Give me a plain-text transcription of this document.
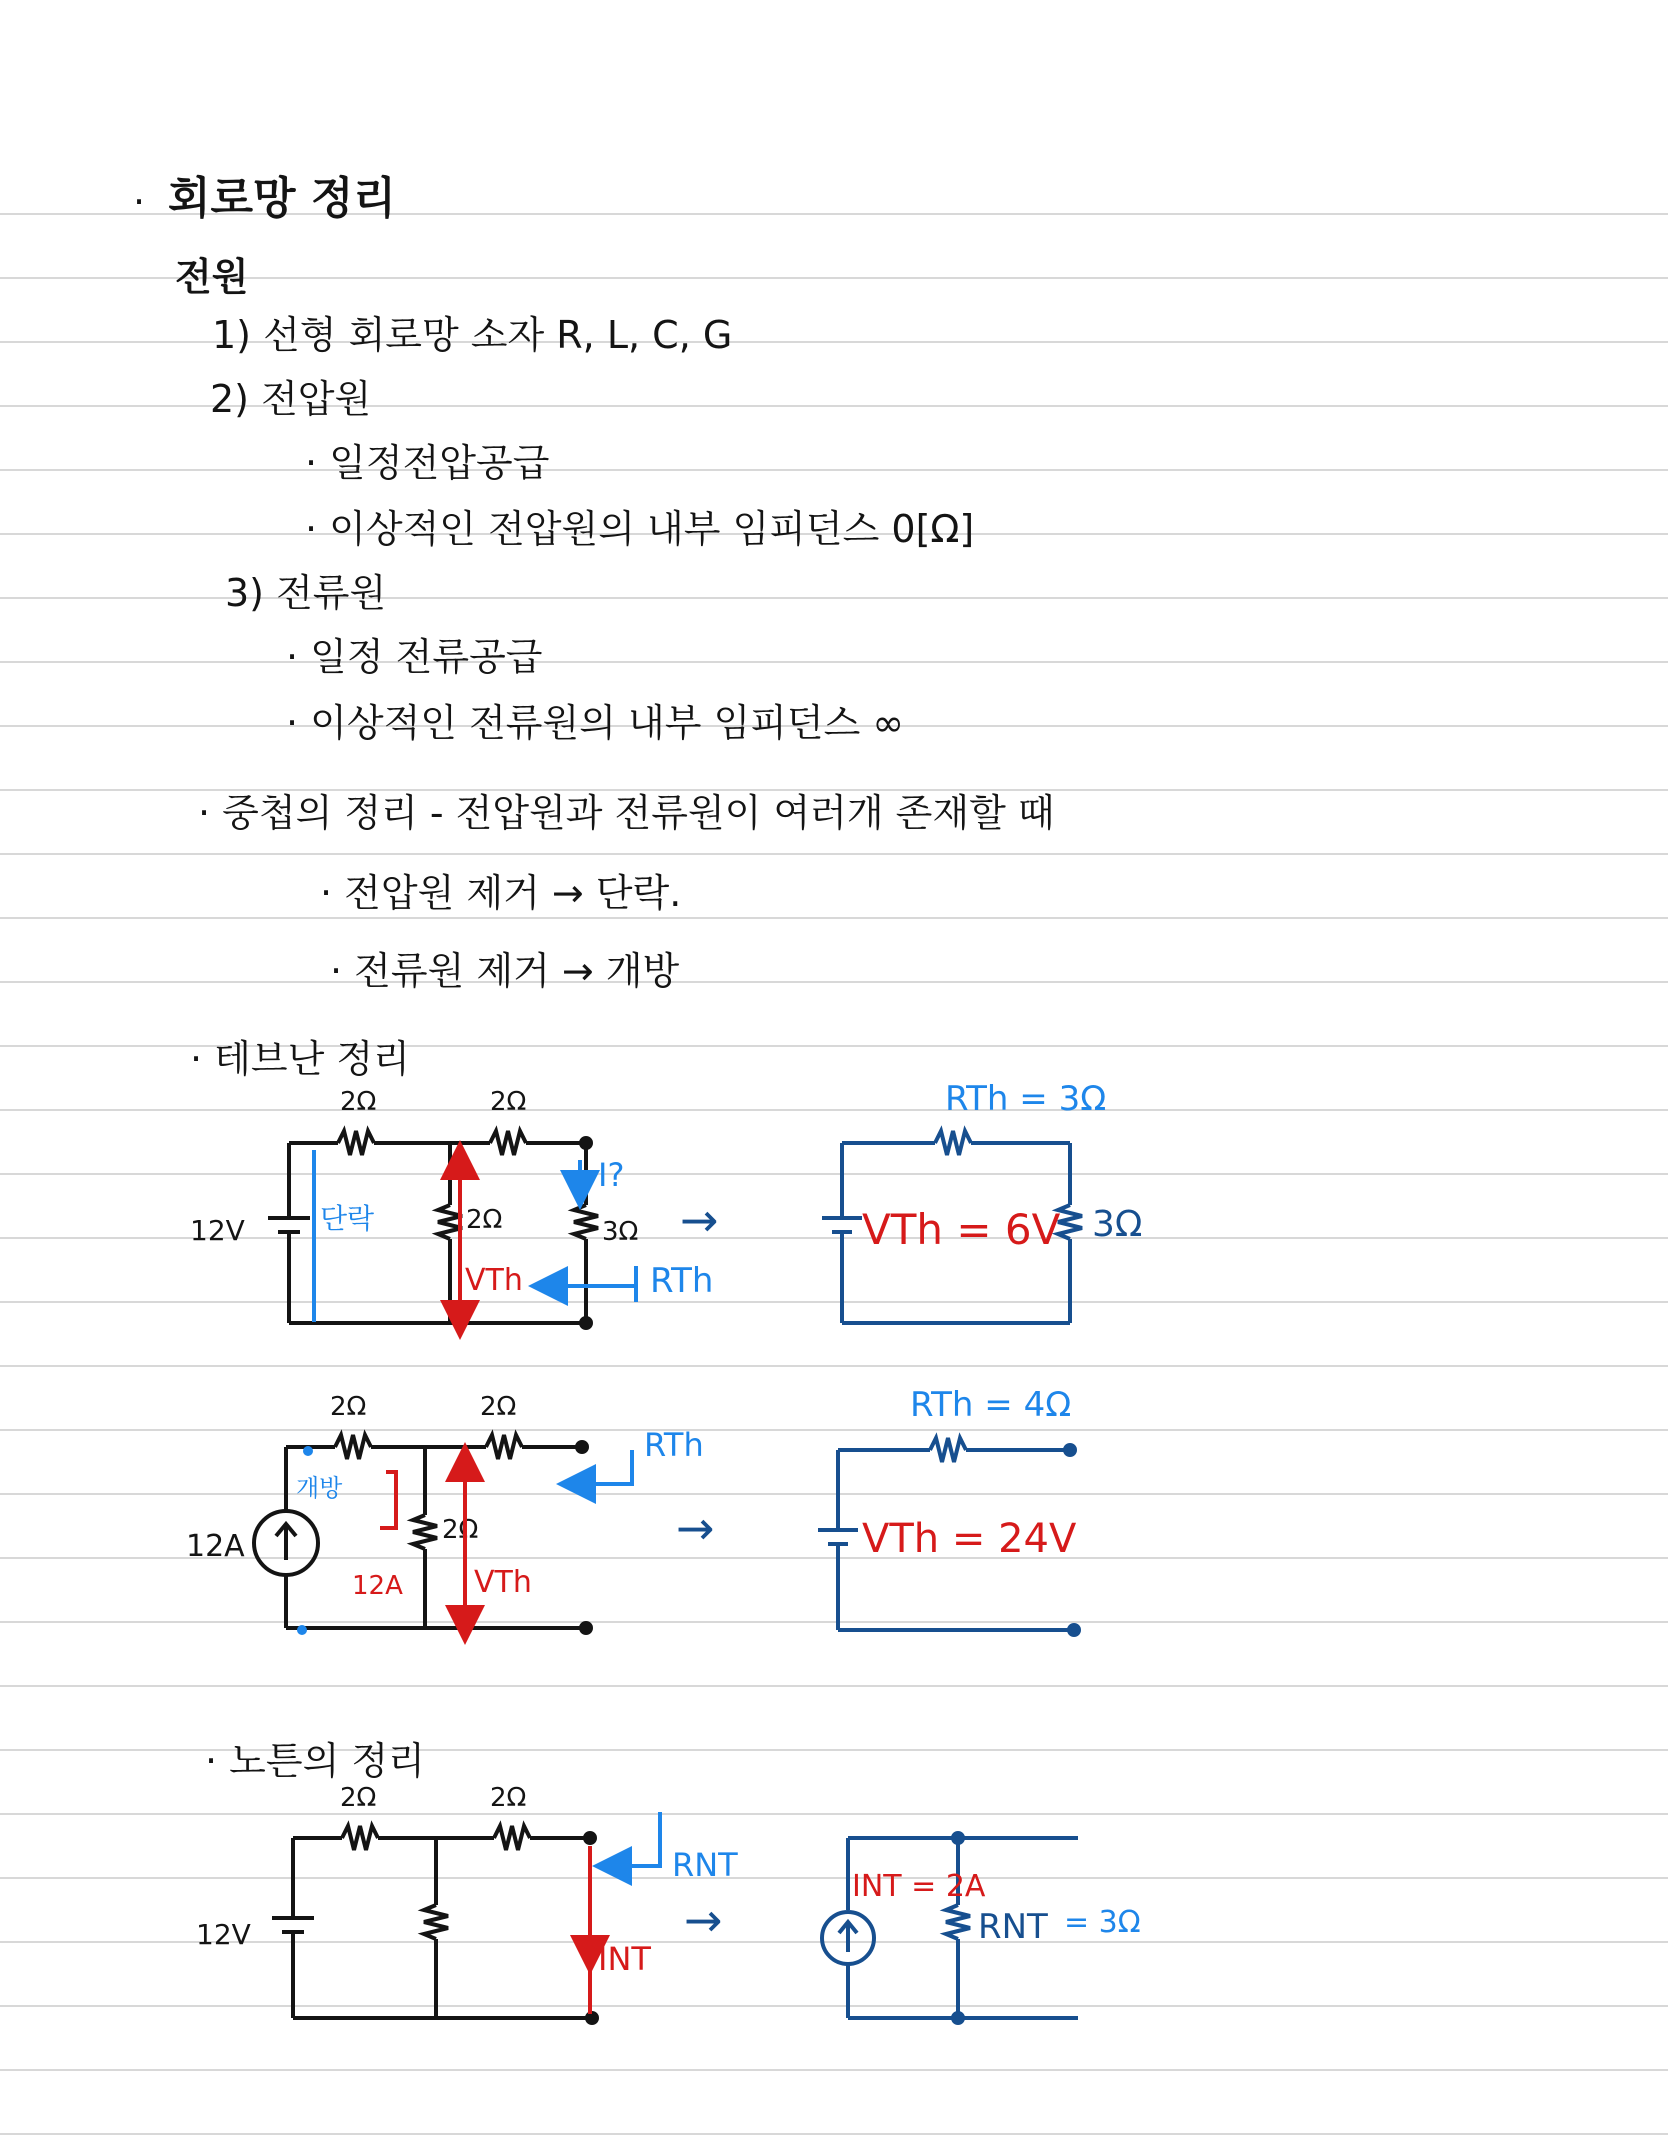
· 회로망 정리
전원
1) 선형 회로망 소자 R, L, C, G
2) 전압원
· 일정전압공급
· 이상적인 전압원의 내부 임피던스 0[Ω]
3) 전류원
· 일정 전류공급
· 이상적인 전류원의 내부 임피던스 ∞
· 중첩의 정리 - 전압원과 전류원이 여러개 존재할 때
· 전압원 제거 → 단락.
· 전류원 제거 → 개방
· 테브난 정리
· 노튼의 정리
2Ω	2Ω
2Ω	3Ω
12V	단락
VTh
I?
RTh
→
RTh = 3Ω
VTh = 6V 3Ω
2Ω	2Ω
2Ω
12A
개방
12A VTh
RTh
→
RTh = 4Ω
VTh = 24V
2Ω	2Ω
12V
INT
RNT
→
INT = 2A
RNT = 3Ω
